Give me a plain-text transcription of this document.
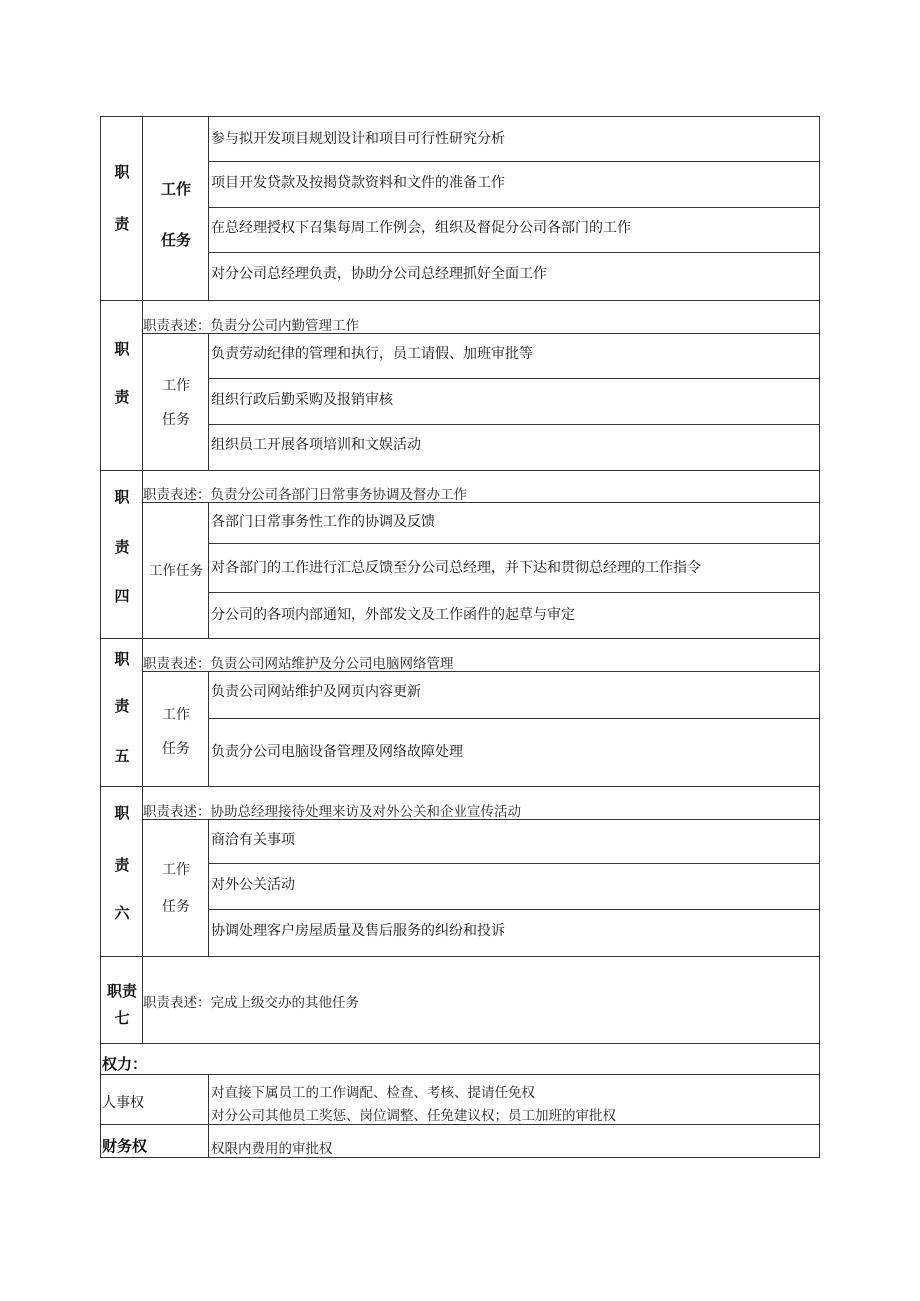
职
责
工作
任务
参与拟开发项目规划设计和项目可行性研究分析
项目开发贷款及按揭贷款资料和文件的准备工作
在总经理授权下召集每周工作例会，组织及督促分公司各部门的工作
对分公司总经理负责，协助分公司总经理抓好全面工作
职
责
职责表述：负责分公司内勤管理工作
工作
任务
负责劳动纪律的管理和执行，员工请假、加班审批等
组织行政后勤采购及报销审核
组织员工开展各项培训和文娱活动
职
责
四
职责表述：负责分公司各部门日常事务协调及督办工作
工作任务
各部门日常事务性工作的协调及反馈
对各部门的工作进行汇总反馈至分公司总经理，并下达和贯彻总经理的工作指令
分公司的各项内部通知，外部发文及工作函件的起草与审定
职
责
五
职责表述：负责公司网站维护及分公司电脑网络管理
工作
任务
负责公司网站维护及网页内容更新
负责分公司电脑设备管理及网络故障处理
职
责
六
职责表述：协助总经理接待处理来访及对外公关和企业宣传活动
工作
任务
商洽有关事项
对外公关活动
协调处理客户房屋质量及售后服务的纠纷和投诉
职责
七
职责表述：完成上级交办的其他任务
权力：
人事权
对直接下属员工的工作调配、检查、考核、提请任免权
对分公司其他员工奖惩、岗位调整、任免建议权；员工加班的审批权
财务权	权限内费用的审批权
